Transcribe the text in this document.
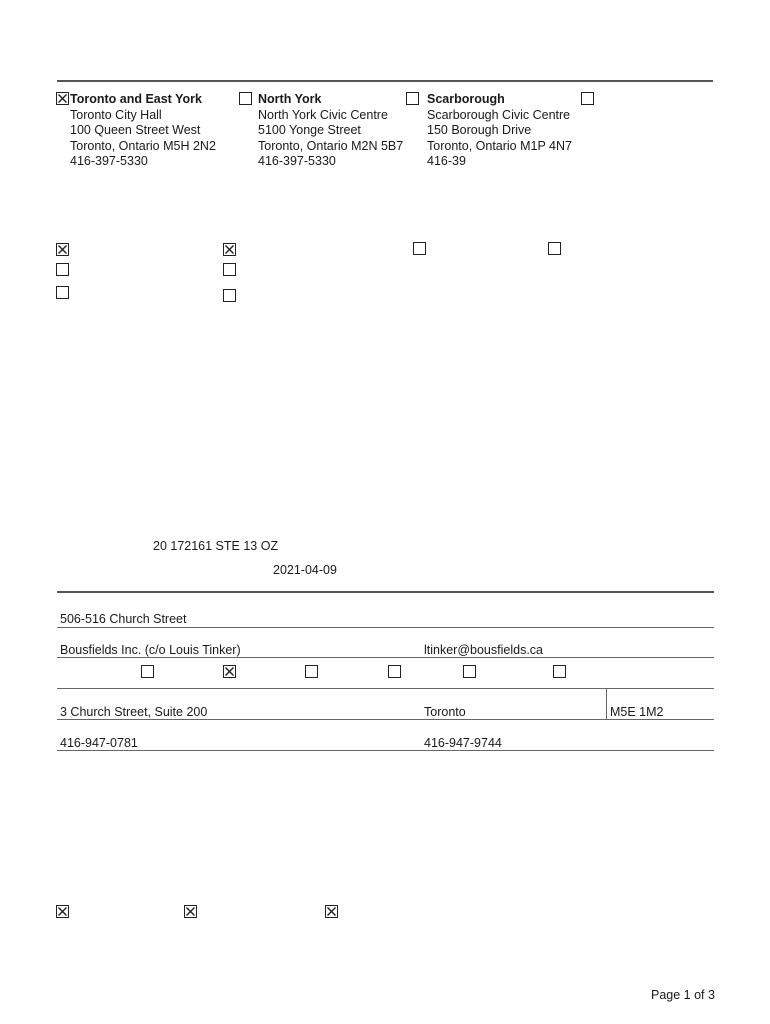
Toronto and East York
Toronto City Hall
100 Queen Street West
Toronto, Ontario M5H 2N2
416-397-5330
North York
North York Civic Centre
5100 Yonge Street
Toronto, Ontario M2N 5B7
416-397-5330
Scarborough
Scarborough Civic Centre
150 Borough Drive
Toronto, Ontario M1P 4N7
416-39
20 172161 STE 13 OZ
2021-04-09
506-516 Church Street
Bousfields Inc. (c/o Louis Tinker)	ltinker@bousfields.ca
3 Church Street, Suite 200	Toronto	M5E 1M2
416-947-0781	416-947-9744
Page 1 of 3
